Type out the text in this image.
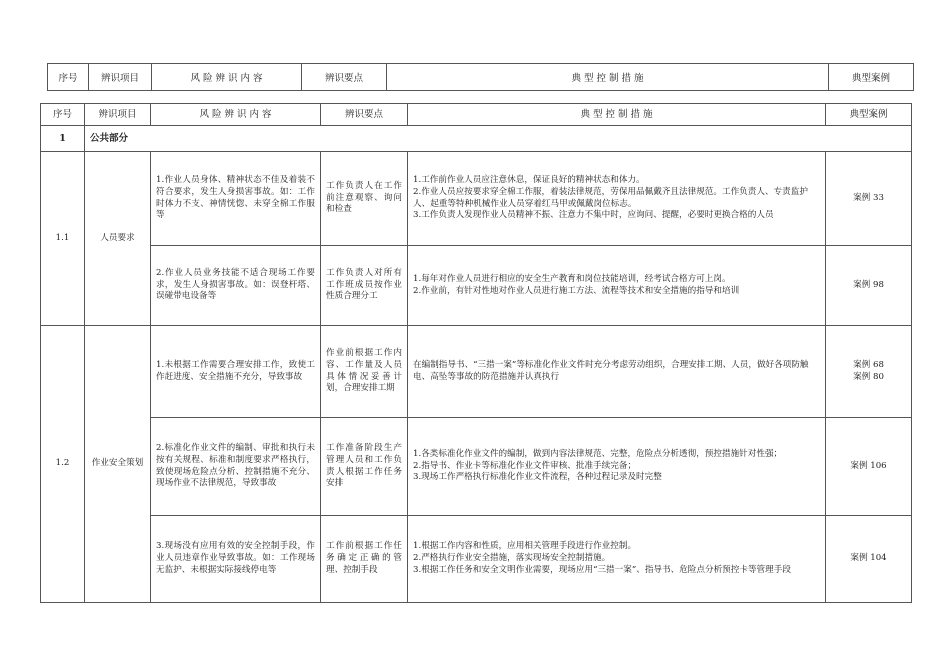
序号	辨识项目	风 险 辨 识 内 容	辨识要点	典 型 控 制 措 施	典型案例
序号	辨识项目	风 险 辨 识 内 容	辨识要点	典 型 控 制 措 施	典型案例
1	公共部分				
1.1	人员要求	1.作业人员身体、精神状态不佳及着装不符合要求，发生人身损害事故。如：工作时体力不支、神情恍惚、未穿全棉工作服等	工作负责人在工作前注意观察、询问和检查	1.工作前作业人员应注意休息，保证良好的精神状态和体力。
2.作业人员应按要求穿全棉工作服，着装法律规范，劳保用品佩戴齐且法律规范。工作负责人、专责监护人、起重等特种机械作业人员穿着红马甲或佩戴岗位标志。
3.工作负责人发现作业人员精神不振、注意力不集中时，应询问、提醒，必要时更换合格的人员	案例 33
		2.作业人员业务技能不适合现场工作要求，发生人身损害事故。如：误登杆塔、误碰带电设备等	工作负责人对所有工作班成员按作业性质合理分工	1.每年对作业人员进行相应的安全生产教育和岗位技能培训，经考试合格方可上岗。
2.作业前，有针对性地对作业人员进行施工方法、流程等技术和安全措施的指导和培训	案例 98
1.2	作业安全策划	1.未根据工作需要合理安排工作，致使工作赶进度、安全措施不充分，导致事故	作业前根据工作内容、工作量及人员具体情况妥善计划，合理安排工期	在编制指导书、“三措一案”等标准化作业文件时充分考虑劳动组织，合理安排工期、人员，做好各项防触电、高坠等事故的防范措施并认真执行	案例 68
案例 80

		2.标准化作业文件的编制、审批和执行未按有关规程、标准和制度要求严格执行，致使现场危险点分析、控制措施不充分、现场作业不法律规范，导致事故	工作准备阶段生产管理人员和工作负责人根据工作任务安排	1.各类标准化作业文件的编制，做到内容法律规范、完整，危险点分析透彻，预控措施针对性强；
2.指导书、作业卡等标准化作业文件审核、批准手续完备；
3.现场工作严格执行标准化作业文件流程，各种过程记录及时完整	案例 106
		3.现场没有应用有效的安全控制手段，作业人员违章作业导致事故。如：工作现场无监护、未根据实际接线停电等	工作前根据工作任务确定正确的管理、控制手段	1.根据工作内容和性质，应用相关管理手段进行作业控制。
2.严格执行作业安全措施，落实现场安全控制措施。
3.根据工作任务和安全文明作业需要，现场应用“三措一案”、指导书、危险点分析预控卡等管理手段	案例 104
